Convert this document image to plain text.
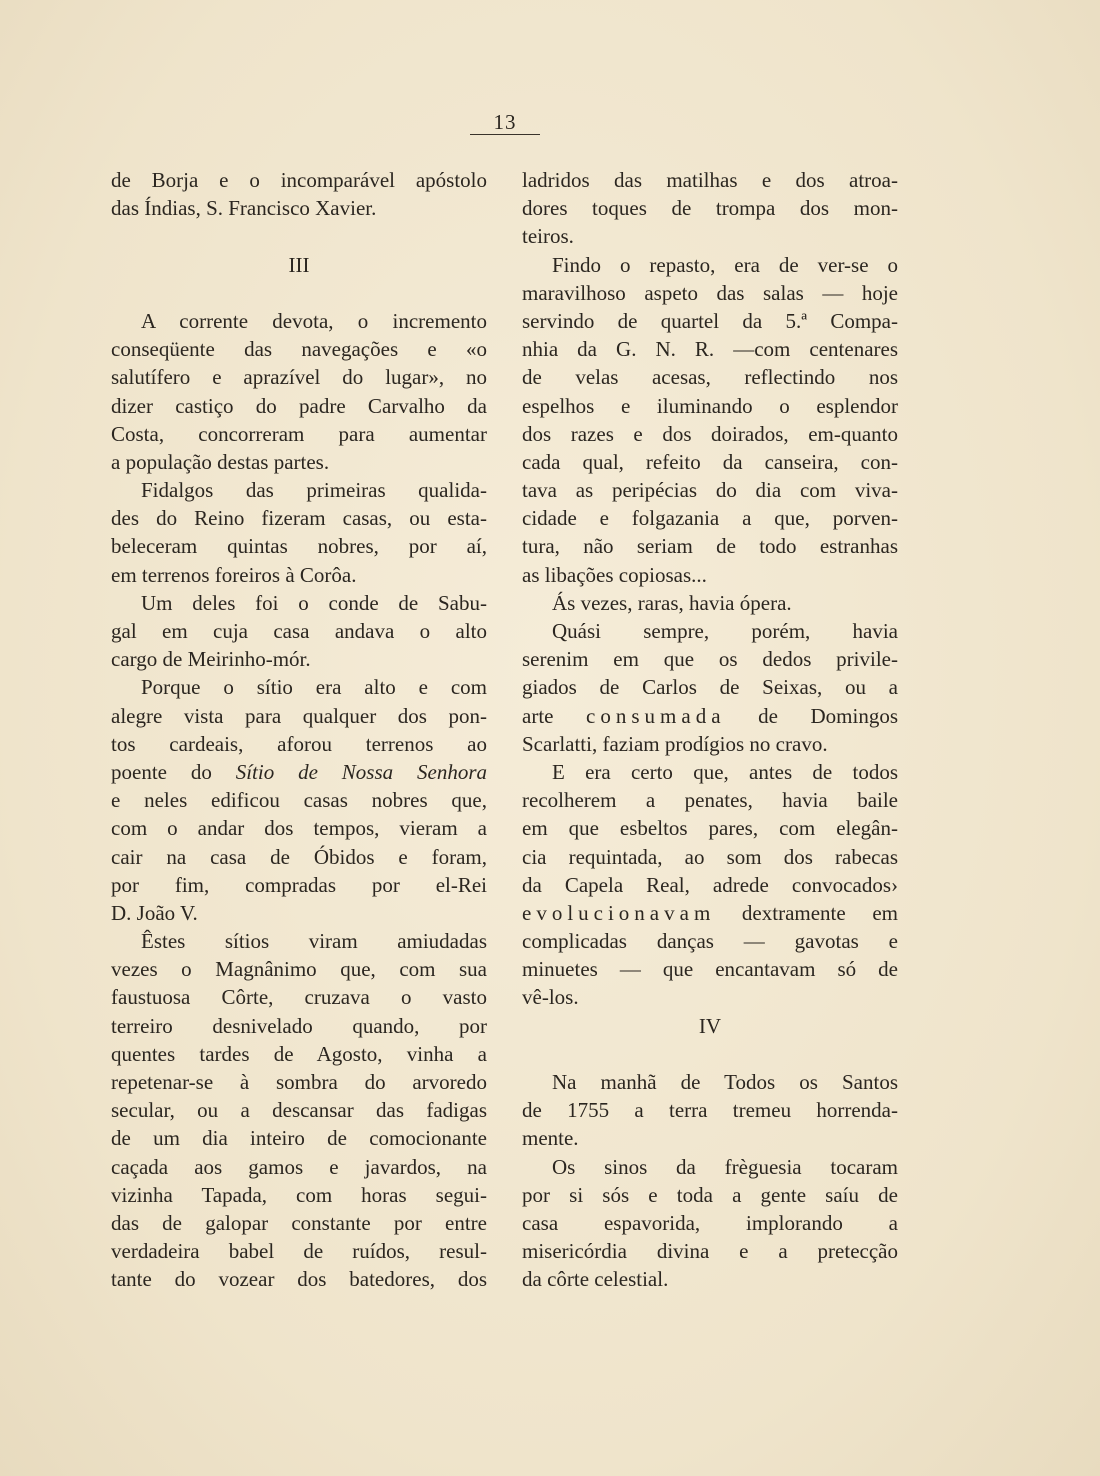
13
de Borja e o incomparável apóstolo
das Índias, S. Francisco Xavier.
III
A corrente devota, o incremento
conseqüente das navegações e «o
salutífero e aprazível do lugar», no
dizer castiço do padre Carvalho da
Costa, concorreram para aumentar
a população destas partes.
Fidalgos das primeiras qualida-
des do Reino fizeram casas, ou esta-
beleceram quintas nobres, por aí,
em terrenos foreiros à Corôa.
Um deles foi o conde de Sabu-
gal em cuja casa andava o alto
cargo de Meirinho-mór.
Porque o sítio era alto e com
alegre vista para qualquer dos pon-
tos cardeais, aforou terrenos ao
poente do Sítio de Nossa Senhora
e neles edificou casas nobres que,
com o andar dos tempos, vieram a
cair na casa de Óbidos e foram,
por fim, compradas por el-Rei
D. João V.
Êstes sítios viram amiudadas
vezes o Magnânimo que, com sua
faustuosa Côrte, cruzava o vasto
terreiro desnivelado quando, por
quentes tardes de Agosto, vinha a
repetenar-se à sombra do arvoredo
secular, ou a descansar das fadigas
de um dia inteiro de comocionante
caçada aos gamos e javardos, na
vizinha Tapada, com horas segui-
das de galopar constante por entre
verdadeira babel de ruídos, resul-
tante do vozear dos batedores, dos
ladridos das matilhas e dos atroa-
dores toques de trompa dos mon-
teiros.
Findo o repasto, era de ver-se o
maravilhoso aspeto das salas — hoje
servindo de quartel da 5.ª Compa-
nhia da G. N. R. —com centenares
de velas acesas, reflectindo nos
espelhos e iluminando o esplendor
dos razes e dos doirados, em-quanto
cada qual, refeito da canseira, con-
tava as peripécias do dia com viva-
cidade e folgazania a que, porven-
tura, não seriam de todo estranhas
as libações copiosas...
Ás vezes, raras, havia ópera.
Quási sempre, porém, havia
serenim em que os dedos privile-
giados de Carlos de Seixas, ou a
arte consumada de Domingos
Scarlatti, faziam prodígios no cravo.
E era certo que, antes de todos
recolherem a penates, havia baile
em que esbeltos pares, com elegân-
cia requintada, ao som dos rabecas
da Capela Real, adrede convocados›
evolucionavam dextramente em
complicadas danças — gavotas e
minuetes — que encantavam só de
vê-los.
IV
Na manhã de Todos os Santos
de 1755 a terra tremeu horrenda-
mente.
Os sinos da frèguesia tocaram
por si sós e toda a gente saíu de
casa espavorida, implorando a
misericórdia divina e a pretecção
da côrte celestial.
